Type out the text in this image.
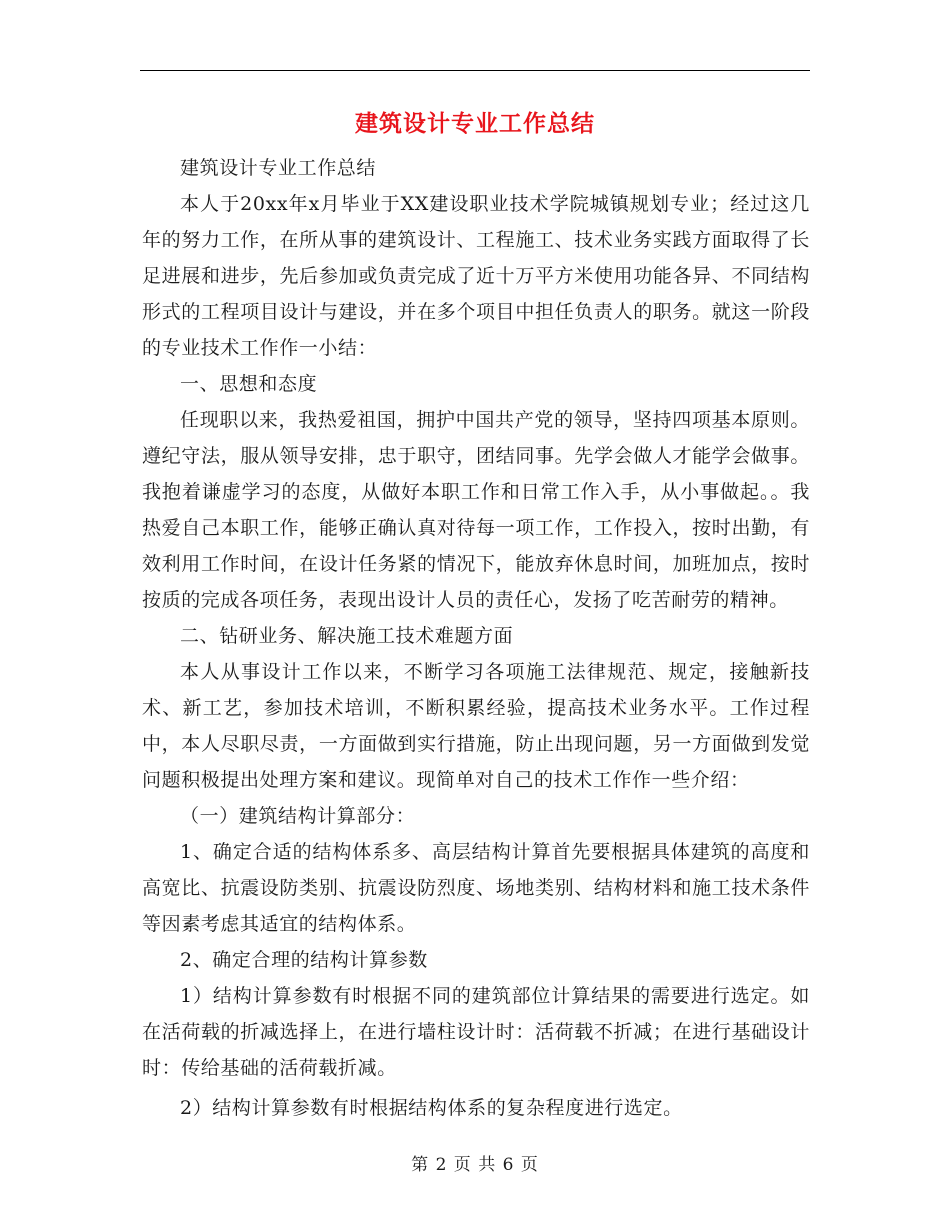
建筑设计专业工作总结

建筑设计专业工作总结

本人于20xx年x月毕业于XX建设职业技术学院城镇规划专业；经过这几年的努力工作，在所从事的建筑设计、工程施工、技术业务实践方面取得了长足进展和进步，先后参加或负责完成了近十万平方米使用功能各异、不同结构形式的工程项目设计与建设，并在多个项目中担任负责人的职务。就这一阶段的专业技术工作作一小结：

一、思想和态度

任现职以来，我热爱祖国，拥护中国共产党的领导，坚持四项基本原则。遵纪守法，服从领导安排，忠于职守，团结同事。先学会做人才能学会做事。我抱着谦虚学习的态度，从做好本职工作和日常工作入手，从小事做起。。我热爱自己本职工作，能够正确认真对待每一项工作，工作投入，按时出勤，有效利用工作时间，在设计任务紧的情况下，能放弃休息时间，加班加点，按时按质的完成各项任务，表现出设计人员的责任心，发扬了吃苦耐劳的精神。

二、钻研业务、解决施工技术难题方面

本人从事设计工作以来，不断学习各项施工法律规范、规定，接触新技术、新工艺，参加技术培训，不断积累经验，提高技术业务水平。工作过程中，本人尽职尽责，一方面做到实行措施，防止出现问题，另一方面做到发觉问题积极提出处理方案和建议。现简单对自己的技术工作作一些介绍：

（一）建筑结构计算部分：

1、确定合适的结构体系多、高层结构计算首先要根据具体建筑的高度和高宽比、抗震设防类别、抗震设防烈度、场地类别、结构材料和施工技术条件等因素考虑其适宜的结构体系。

2、确定合理的结构计算参数

1）结构计算参数有时根据不同的建筑部位计算结果的需要进行选定。如在活荷载的折减选择上，在进行墙柱设计时：活荷载不折减；在进行基础设计时：传给基础的活荷载折减。

2）结构计算参数有时根据结构体系的复杂程度进行选定。

第 2 页 共 6 页
